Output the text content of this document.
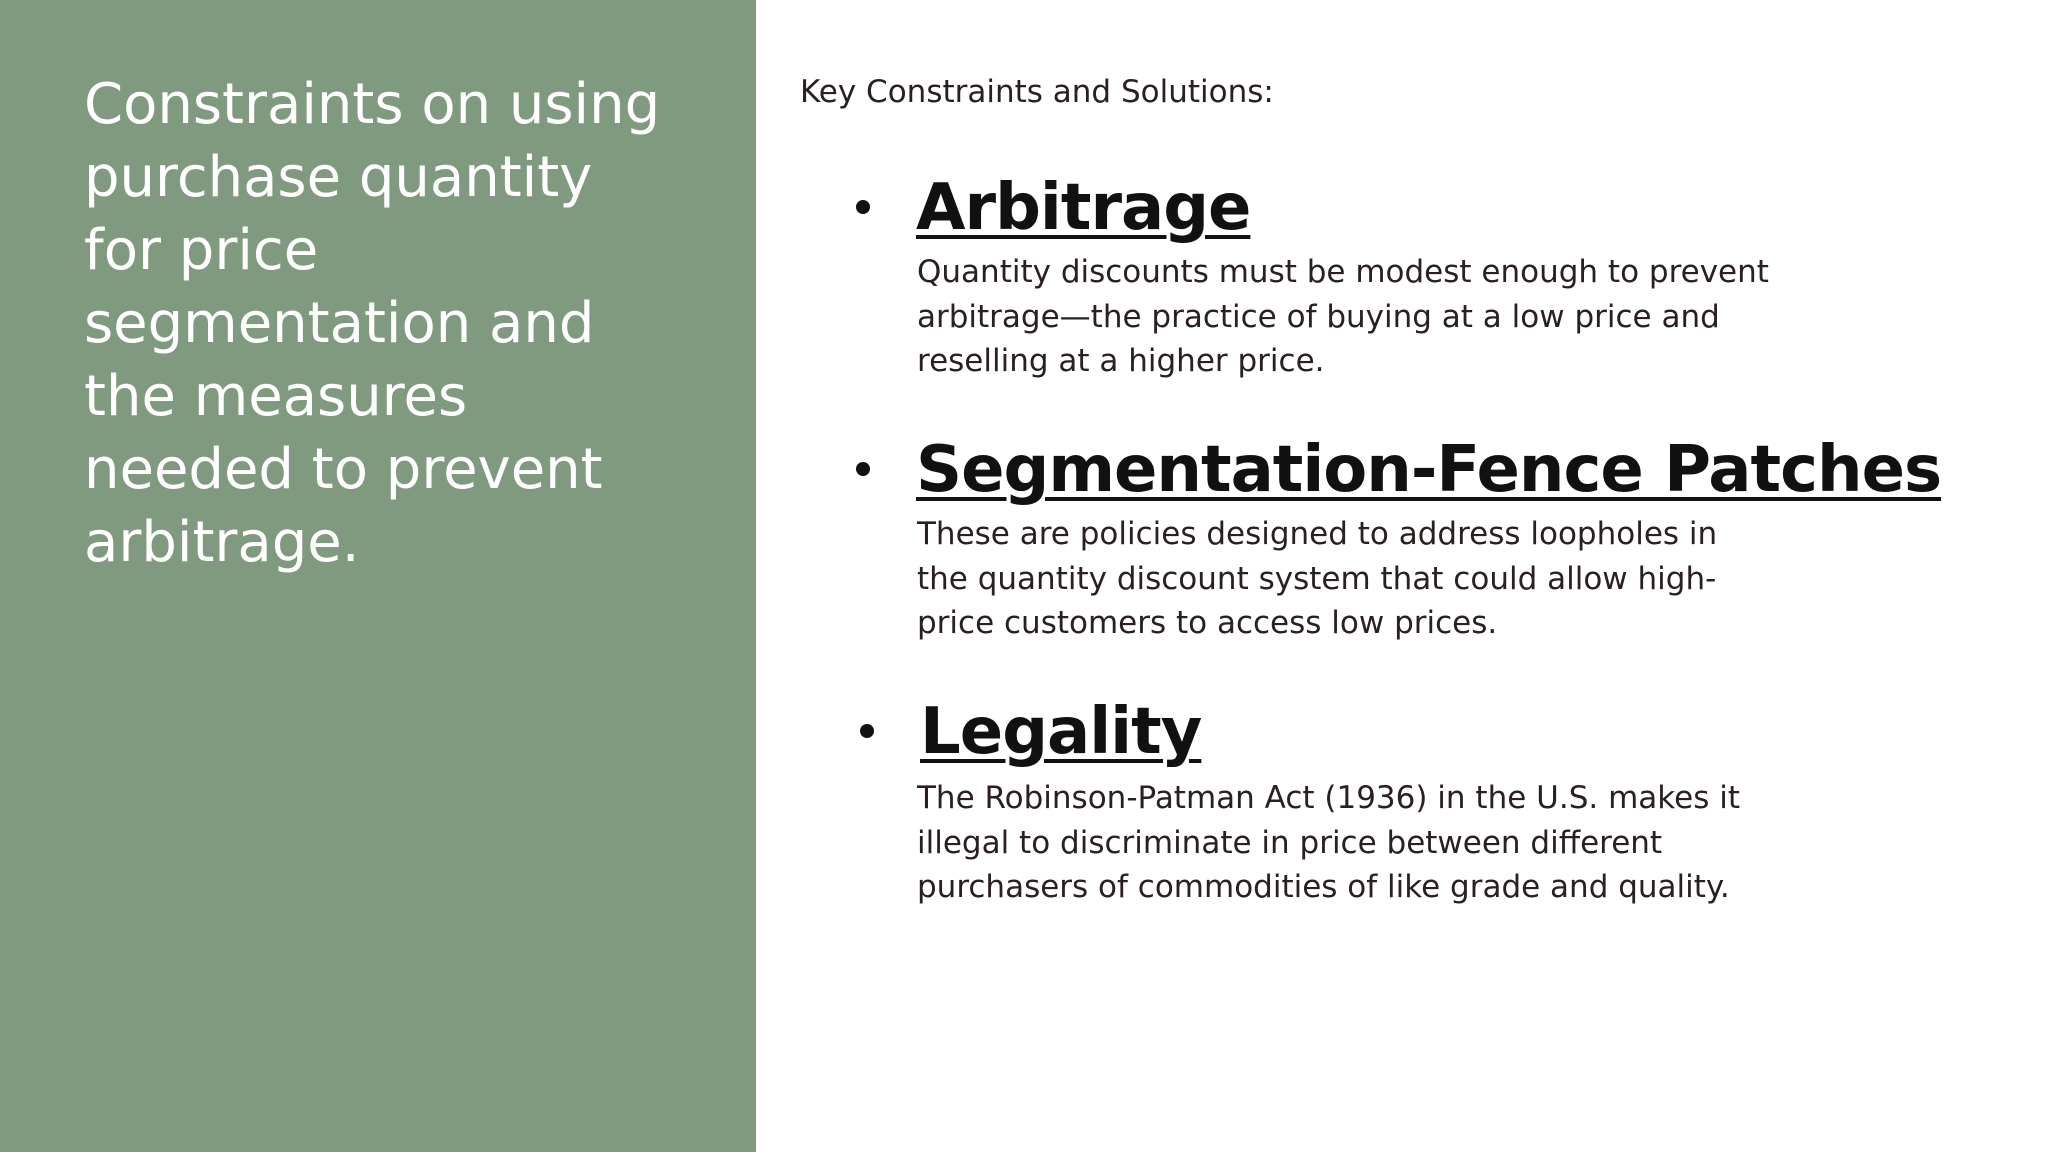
Constraints on using purchase quantity for price segmentation and the measures needed to prevent arbitrage.

Key Constraints and Solutions:

Arbitrage

Quantity discounts must be modest enough to prevent arbitrage—the practice of buying at a low price and reselling at a higher price.

Segmentation-Fence Patches

These are policies designed to address loopholes in the quantity discount system that could allow high-price customers to access low prices.

Legality

The Robinson-Patman Act (1936) in the U.S. makes it illegal to discriminate in price between different purchasers of commodities of like grade and quality.
